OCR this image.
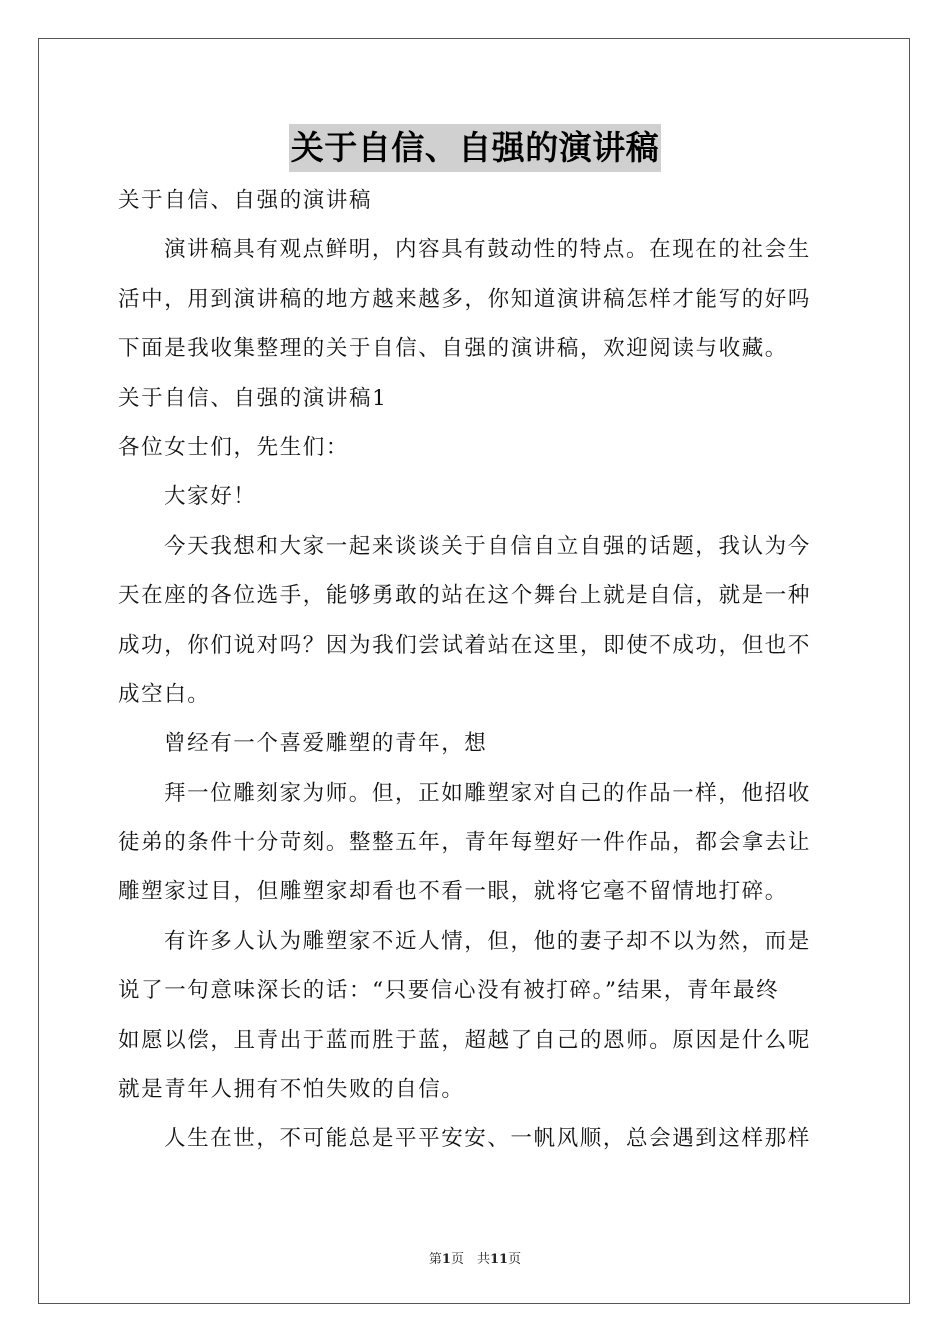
关于自信、自强的演讲稿
关于自信、自强的演讲稿
演讲稿具有观点鲜明，内容具有鼓动性的特点。在现在的社会生
活中，用到演讲稿的地方越来越多，你知道演讲稿怎样才能写的好吗
下面是我收集整理的关于自信、自强的演讲稿，欢迎阅读与收藏。
关于自信、自强的演讲稿1
各位女士们，先生们：
大家好！
今天我想和大家一起来谈谈关于自信自立自强的话题，我认为今
天在座的各位选手，能够勇敢的站在这个舞台上就是自信，就是一种
成功，你们说对吗？因为我们尝试着站在这里，即使不成功，但也不
成空白。
曾经有一个喜爱雕塑的青年，想
拜一位雕刻家为师。但，正如雕塑家对自己的作品一样，他招收
徒弟的条件十分苛刻。整整五年，青年每塑好一件作品，都会拿去让
雕塑家过目，但雕塑家却看也不看一眼，就将它毫不留情地打碎。
有许多人认为雕塑家不近人情，但，他的妻子却不以为然，而是
说了一句意味深长的话：“只要信心没有被打碎。”结果，青年最终
如愿以偿，且青出于蓝而胜于蓝，超越了自己的恩师。原因是什么呢
就是青年人拥有不怕失败的自信。
人生在世，不可能总是平平安安、一帆风顺，总会遇到这样那样
第1页　共11页
